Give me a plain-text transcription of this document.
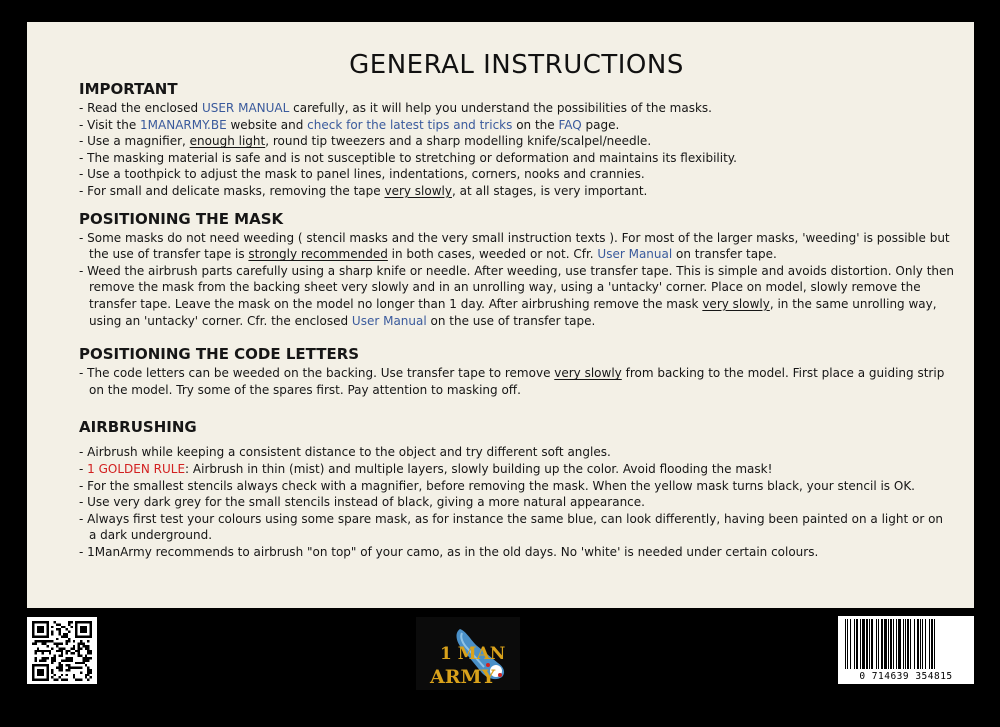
GENERAL INSTRUCTIONS
IMPORTANT
- Read the enclosed USER MANUAL carefully, as it will help you understand the possibilities of the masks.
- Visit the 1MANARMY.BE website and check for the latest tips and tricks on the FAQ page.
- Use a magnifier, enough light, round tip tweezers and a sharp modelling knife/scalpel/needle.
- The masking material is safe and is not susceptible to stretching or deformation and maintains its flexibility.
- Use a toothpick to adjust the mask to panel lines, indentations, corners, nooks and crannies.
- For small and delicate masks, removing the tape very slowly, at all stages, is very important.
POSITIONING THE MASK
- Some masks do not need weeding ( stencil masks and the very small instruction texts ). For most of the larger masks, 'weeding' is possible but the use of transfer tape is strongly recommended in both cases, weeded or not. Cfr. User Manual on transfer tape.
- Weed the airbrush parts carefully using a sharp knife or needle. After weeding, use transfer tape. This is simple and avoids distortion. Only then remove the mask from the backing sheet very slowly and in an unrolling way, using a 'untacky' corner. Place on model, slowly remove the transfer tape. Leave the mask on the model no longer than 1 day. After airbrushing remove the mask very slowly, in the same unrolling way, using an 'untacky' corner. Cfr. the enclosed User Manual on the use of transfer tape.
POSITIONING THE CODE LETTERS
- The code letters can be weeded on the backing. Use transfer tape to remove very slowly from backing to the model. First place a guiding strip on the model. Try some of the spares first. Pay attention to masking off.
AIRBRUSHING
- Airbrush while keeping a consistent distance to the object and try different soft angles.
- 1 GOLDEN RULE: Airbrush in thin (mist) and multiple layers, slowly building up the color. Avoid flooding the mask!
- For the smallest stencils always check with a magnifier, before removing the mask. When the yellow mask turns black, your stencil is OK.
- Use very dark grey for the small stencils instead of black, giving a more natural appearance.
- Always first test your colours using some spare mask, as for instance the same blue, can look differently, having been painted on a light or on a dark underground.
- 1ManArmy recommends to airbrush "on top" of your camo, as in the old days. No 'white' is needed under certain colours.
1 MAN
ARMY	0 714639 354815
